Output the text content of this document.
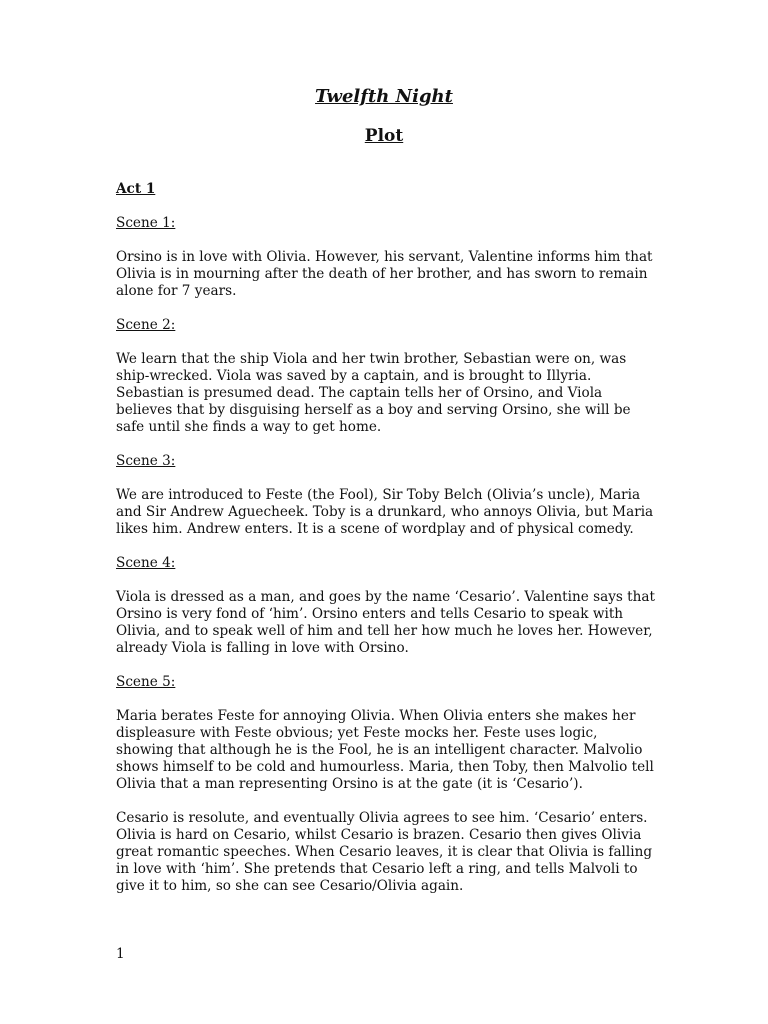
Twelfth Night
Plot

Act 1

Scene 1:

Orsino is in love with Olivia. However, his servant, Valentine informs him that Olivia is in mourning after the death of her brother, and has sworn to remain alone for 7 years.

Scene 2:

We learn that the ship Viola and her twin brother, Sebastian were on, was ship-wrecked. Viola was saved by a captain, and is brought to Illyria. Sebastian is presumed dead. The captain tells her of Orsino, and Viola believes that by disguising herself as a boy and serving Orsino, she will be safe until she finds a way to get home.

Scene 3:

We are introduced to Feste (the Fool), Sir Toby Belch (Olivia’s uncle), Maria and Sir Andrew Aguecheek. Toby is a drunkard, who annoys Olivia, but Maria likes him. Andrew enters. It is a scene of wordplay and of physical comedy.

Scene 4:

Viola is dressed as a man, and goes by the name ‘Cesario’. Valentine says that Orsino is very fond of ‘him’. Orsino enters and tells Cesario to speak with Olivia, and to speak well of him and tell her how much he loves her. However, already Viola is falling in love with Orsino.

Scene 5:

Maria berates Feste for annoying Olivia. When Olivia enters she makes her displeasure with Feste obvious; yet Feste mocks her. Feste uses logic, showing that although he is the Fool, he is an intelligent character. Malvolio shows himself to be cold and humourless. Maria, then Toby, then Malvolio tell Olivia that a man representing Orsino is at the gate (it is ‘Cesario’).

Cesario is resolute, and eventually Olivia agrees to see him. ‘Cesario’ enters. Olivia is hard on Cesario, whilst Cesario is brazen. Cesario then gives Olivia great romantic speeches. When Cesario leaves, it is clear that Olivia is falling in love with ‘him’. She pretends that Cesario left a ring, and tells Malvoli to give it to him, so she can see Cesario/Olivia again.

1
